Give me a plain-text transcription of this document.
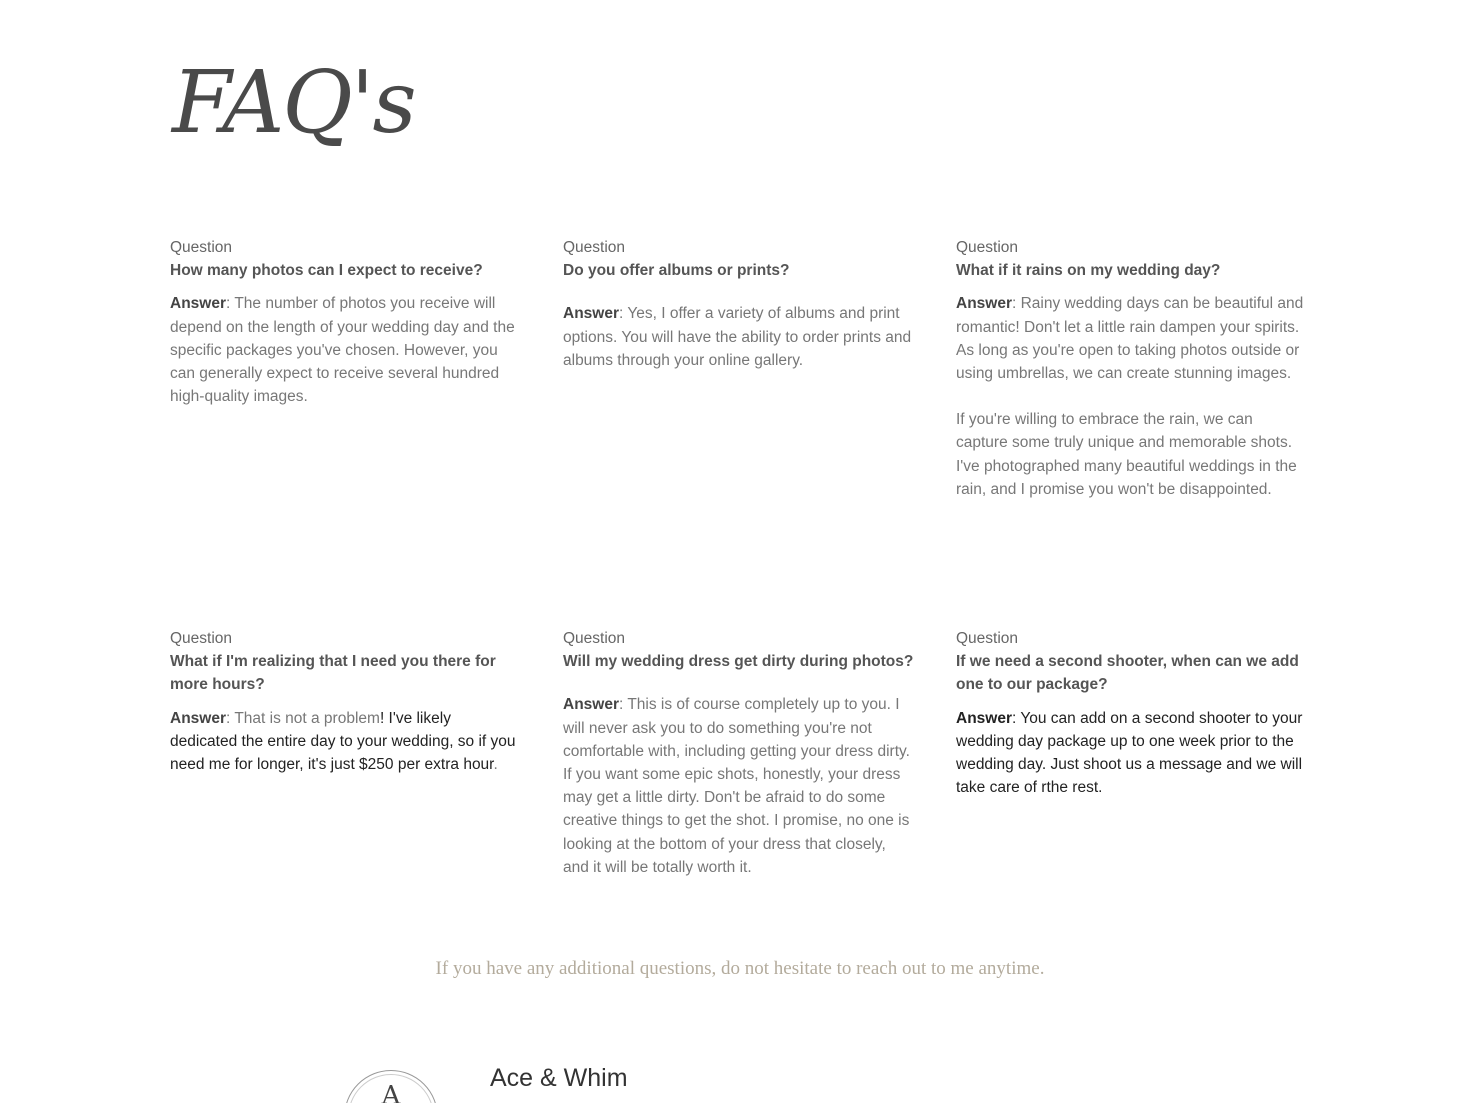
FAQ's

Question

How many photos can I expect to receive?

Answer: The number of photos you receive will depend on the length of your wedding day and the specific packages you've chosen. However, you can generally expect to receive several hundred high-quality images.

Question

Do you offer albums or prints?

Answer: Yes, I offer a variety of albums and print options. You will have the ability to order prints and albums through your online gallery.

Question

What if it rains on my wedding day?

Answer: Rainy wedding days can be beautiful and romantic! Don't let a little rain dampen your spirits. As long as you're open to taking photos outside or using umbrellas, we can create stunning images.

If you're willing to embrace the rain, we can capture some truly unique and memorable shots. I've photographed many beautiful weddings in the rain, and I promise you won't be disappointed.

Question

What if I'm realizing that I need you there for more hours?

Answer: That is not a problem! I've likely dedicated the entire day to your wedding, so if you need me for longer, it's just $250 per extra hour.

Question

Will my wedding dress get dirty during photos?

Answer: This is of course completely up to you. I will never ask you to do something you're not comfortable with, including getting your dress dirty. If you want some epic shots, honestly, your dress may get a little dirty. Don't be afraid to do some creative things to get the shot. I promise, no one is looking at the bottom of your dress that closely, and it will be totally worth it.

Question

If we need a second shooter, when can we add one to our package?

Answer: You can add on a second shooter to your wedding day package up to one week prior to the wedding day. Just shoot us a message and we will take care of rthe rest.

If you have any additional questions, do not hesitate to reach out to me anytime.

A
Ace & Whim
